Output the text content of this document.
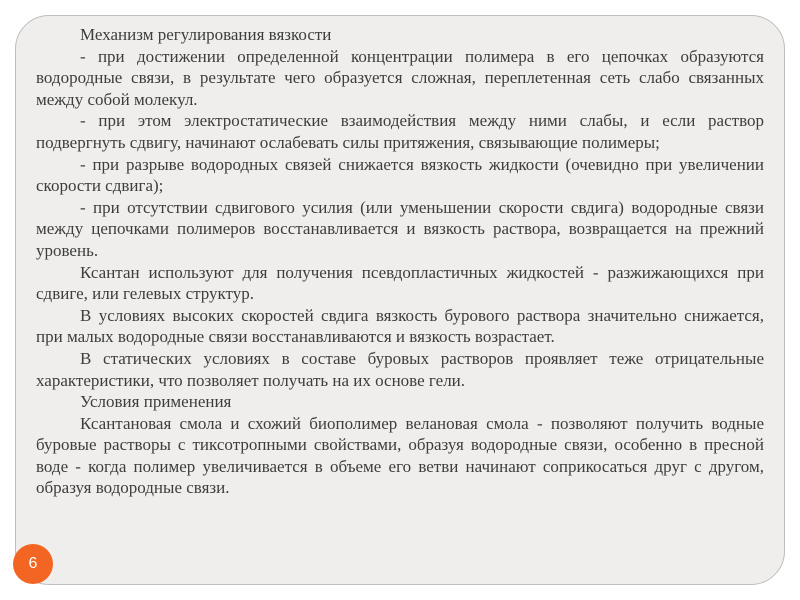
Механизм регулирования вязкости

- при достижении определенной концентрации полимера в его цепочках образуются водородные связи, в результате чего образуется сложная, переплетенная сеть слабо связанных между собой молекул.

- при этом электростатические взаимодействия между ними слабы, и если раствор подвергнуть сдвигу, начинают ослабевать силы притяжения, связывающие полимеры;

- при разрыве водородных связей снижается вязкость жидкости (очевидно при увеличении скорости сдвига);

- при отсутствии сдвигового усилия (или уменьшении скорости свдига) водородные связи между цепочками полимеров восстанавливается и вязкость раствора, возвращается на прежний уровень.

Ксантан используют для получения псевдопластичных жидкостей - разжижающихся при сдвиге, или гелевых структур.

В условиях высоких скоростей свдига вязкость бурового раствора значительно снижается, при малых водородные связи восстанавливаются и вязкость возрастает.

В статических условиях в составе буровых растворов проявляет теже отрицательные характеристики, что позволяет получать на их основе гели.

Условия применения

Ксантановая смола и схожий биополимер велановая смола - позволяют получить водные буровые растворы с тиксотропными свойствами, образуя водородные связи, особенно в пресной воде - когда полимер увеличивается в объеме его ветви начинают соприкосаться друг с другом, образуя водородные связи.

6
